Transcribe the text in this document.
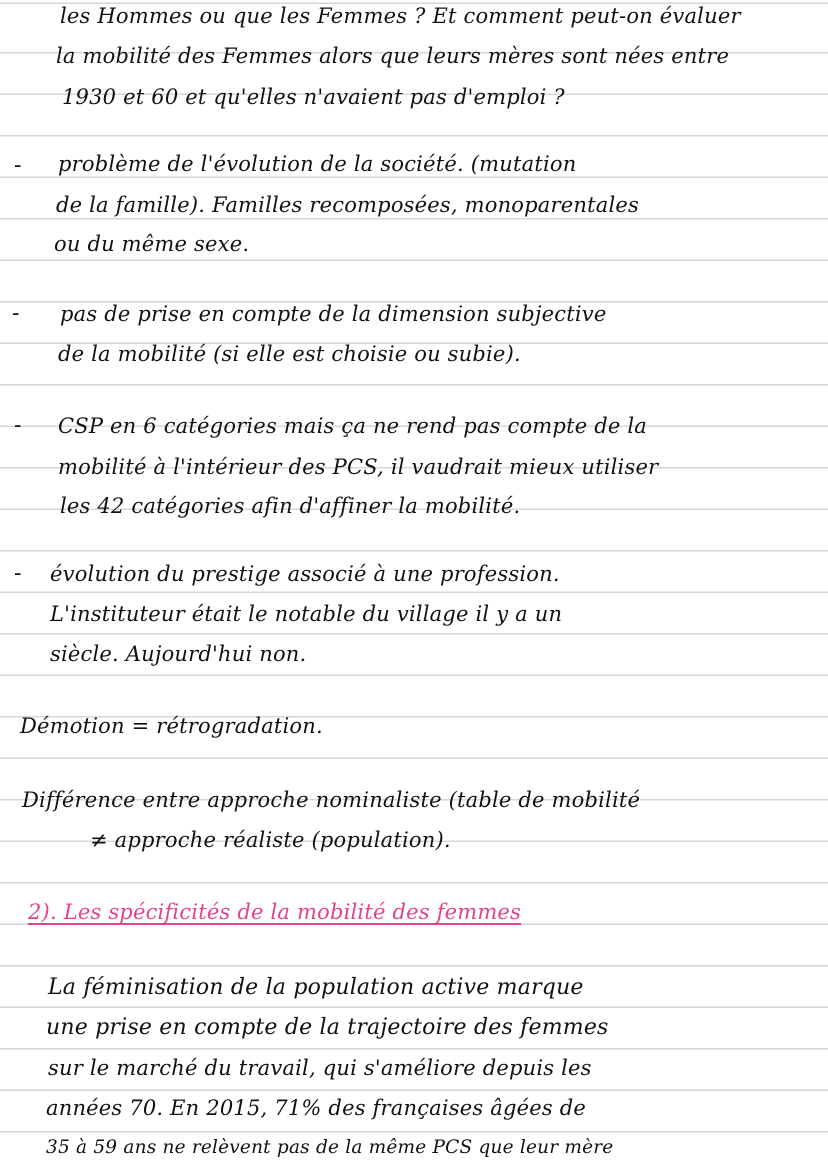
les Hommes ou que les Femmes ? Et comment peut-on évaluer
la mobilité des Femmes alors que leurs mères sont nées entre
1930 et 60 et qu'elles n'avaient pas d'emploi ?
- problème de l'évolution de la société. (mutation
de la famille). Familles recomposées, monoparentales
ou du même sexe.
- pas de prise en compte de la dimension subjective
de la mobilité (si elle est choisie ou subie).
- CSP en 6 catégories mais ça ne rend pas compte de la
mobilité à l'intérieur des PCS, il vaudrait mieux utiliser
les 42 catégories afin d'affiner la mobilité.
- évolution du prestige associé à une profession.
L'instituteur était le notable du village il y a un
siècle. Aujourd'hui non.
Démotion = rétrogradation.
Différence entre approche nominaliste (table de mobilité
≠ approche réaliste (population).
2). Les spécificités de la mobilité des femmes
La féminisation de la population active marque
une prise en compte de la trajectoire des femmes
sur le marché du travail, qui s'améliore depuis les
années 70. En 2015, 71% des françaises âgées de
35 à 59 ans ne relèvent pas de la même PCS que leur mère
